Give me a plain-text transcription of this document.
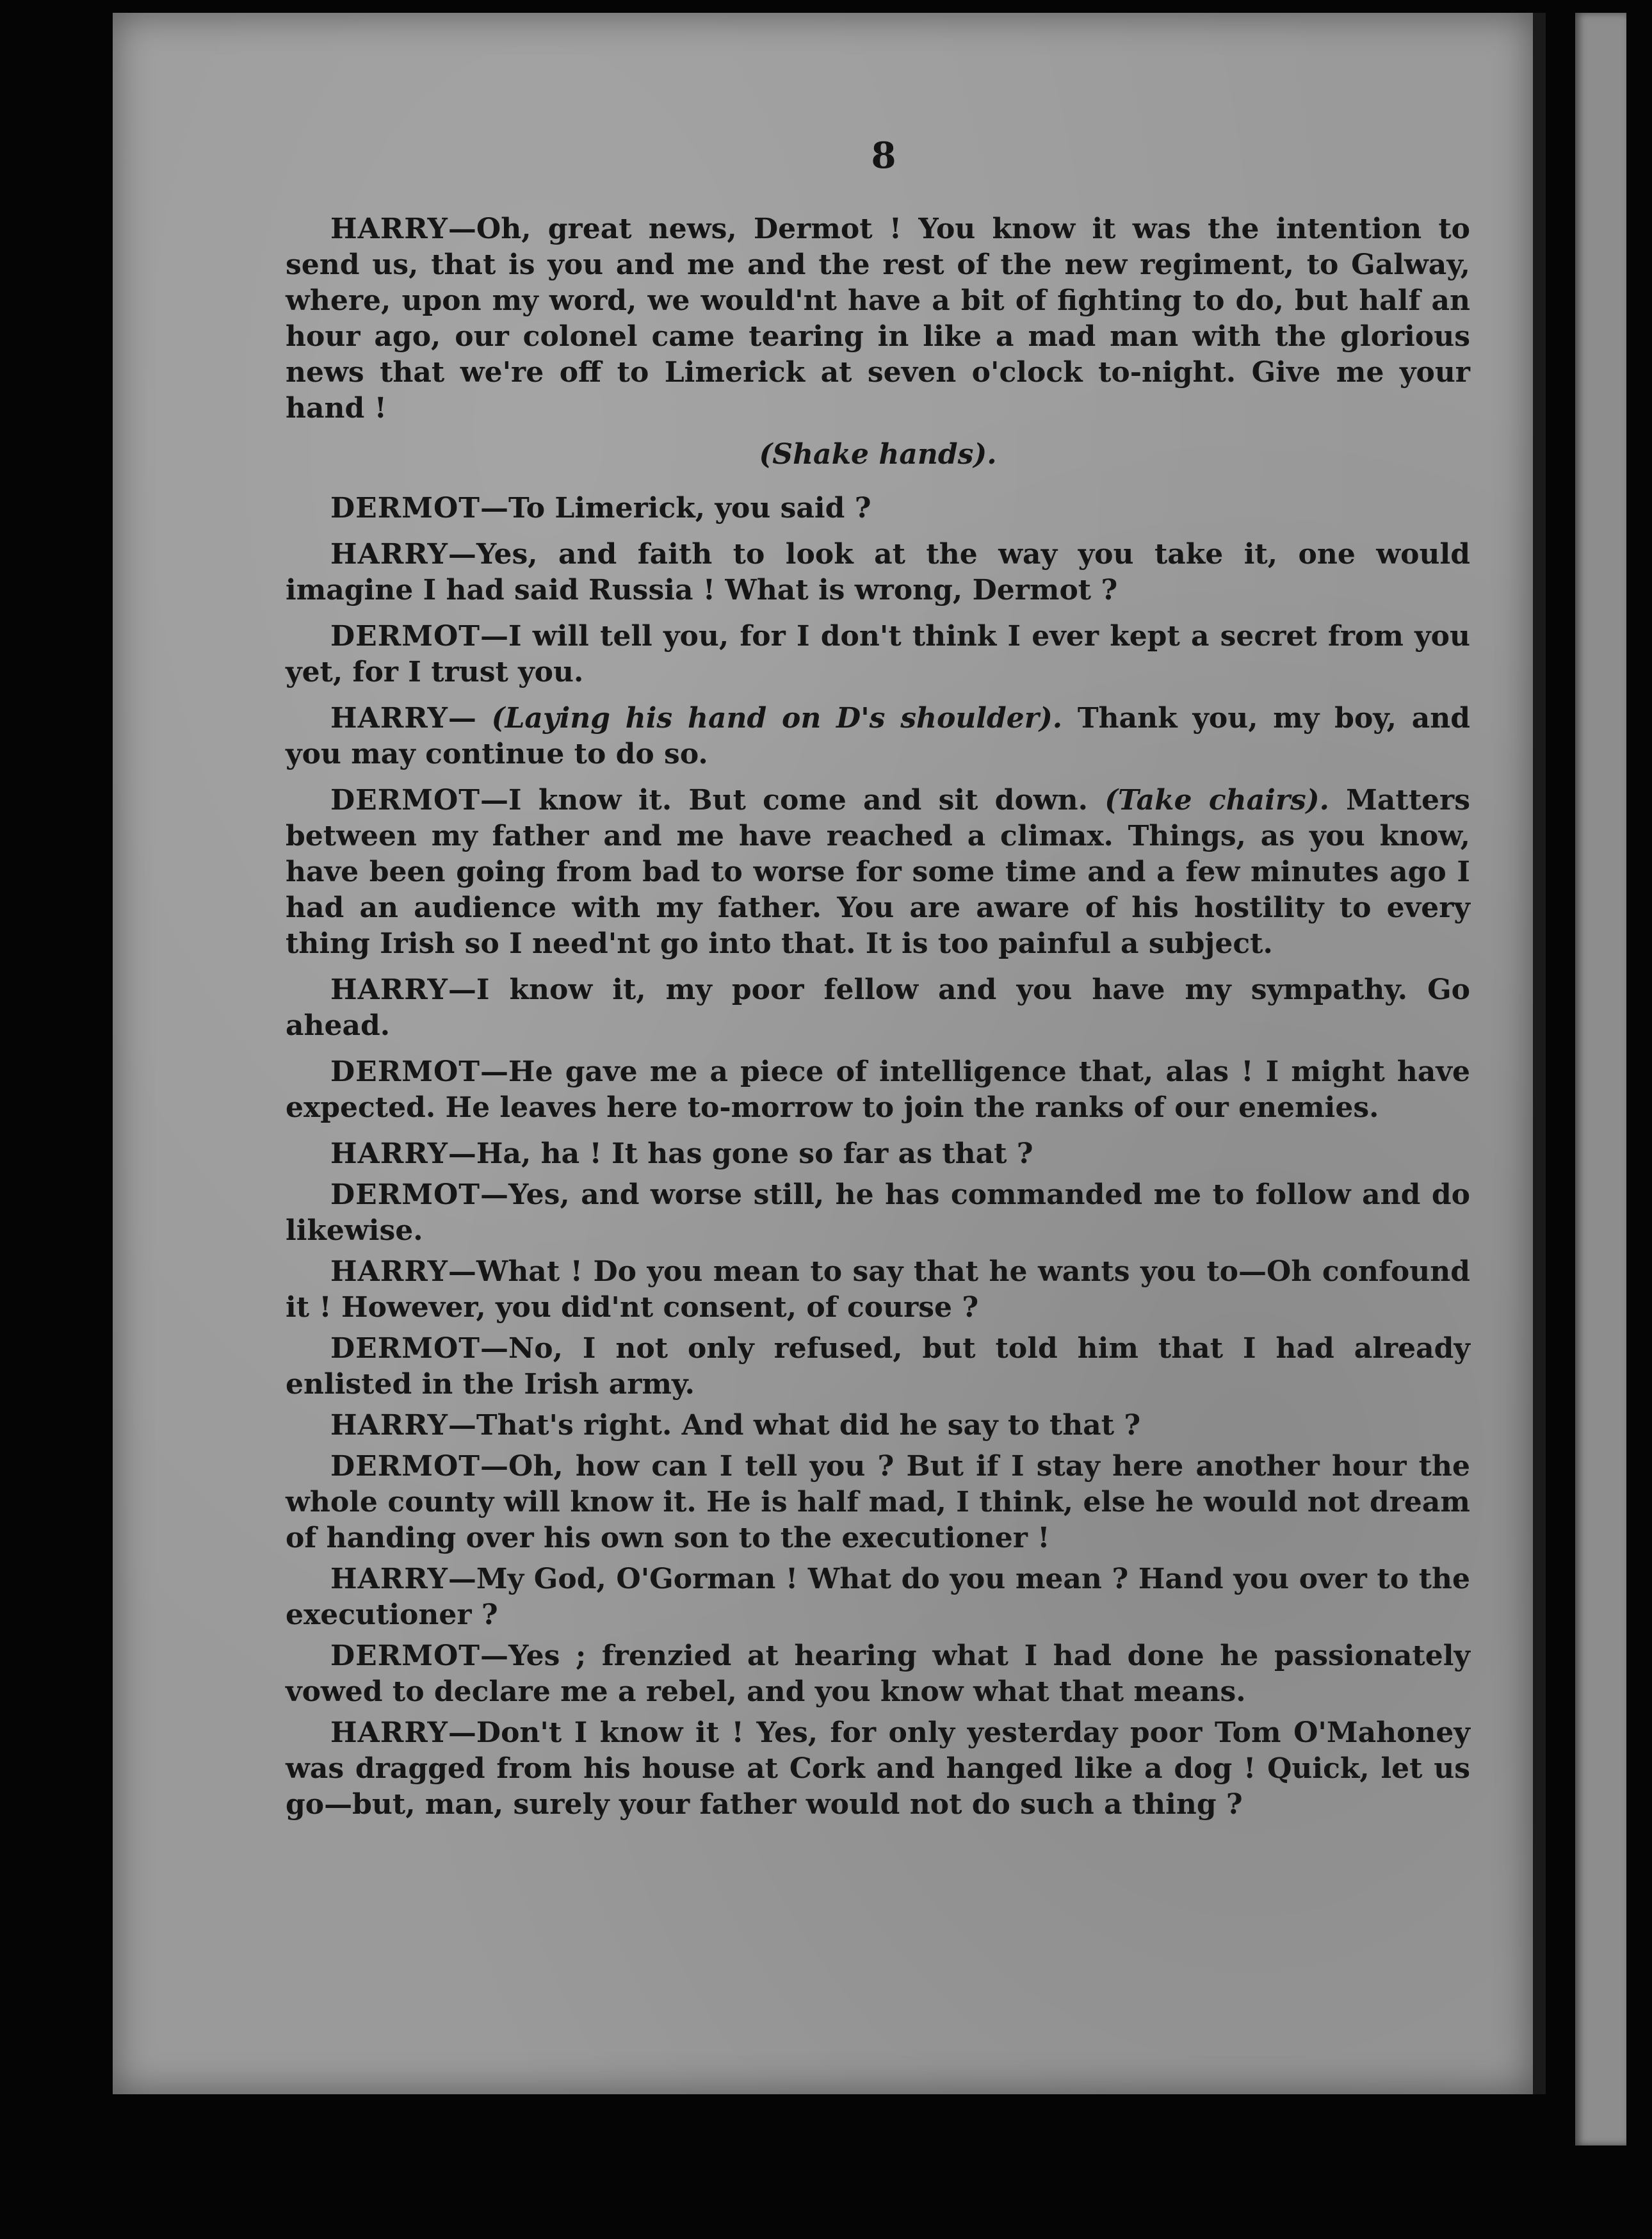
8

HARRY—Oh, great news, Dermot ! You know it was the intention to send us, that is you and me and the rest of the new regiment, to Galway, where, upon my word, we would'nt have a bit of fighting to do, but half an hour ago, our colonel came tearing in like a mad man with the glorious news that we're off to Limerick at seven o'clock to-night. Give me your hand !

(Shake hands).

DERMOT—To Limerick, you said ?

HARRY—Yes, and faith to look at the way you take it, one would imagine I had said Russia ! What is wrong, Dermot ?

DERMOT—I will tell you, for I don't think I ever kept a secret from you yet, for I trust you.

HARRY— (Laying his hand on D's shoulder). Thank you, my boy, and you may continue to do so.

DERMOT—I know it. But come and sit down. (Take chairs). Matters between my father and me have reached a climax. Things, as you know, have been going from bad to worse for some time and a few minutes ago I had an audience with my father. You are aware of his hostility to every thing Irish so I need'nt go into that. It is too painful a subject.

HARRY—I know it, my poor fellow and you have my sympathy. Go ahead.

DERMOT—He gave me a piece of intelligence that, alas ! I might have expected. He leaves here to-morrow to join the ranks of our enemies.

HARRY—Ha, ha ! It has gone so far as that ?

DERMOT—Yes, and worse still, he has commanded me to follow and do likewise.

HARRY—What ! Do you mean to say that he wants you to—Oh confound it ! However, you did'nt consent, of course ?

DERMOT—No, I not only refused, but told him that I had already enlisted in the Irish army.

HARRY—That's right. And what did he say to that ?

DERMOT—Oh, how can I tell you ? But if I stay here another hour the whole county will know it. He is half mad, I think, else he would not dream of handing over his own son to the executioner !

HARRY—My God, O'Gorman ! What do you mean ? Hand you over to the executioner ?

DERMOT—Yes ; frenzied at hearing what I had done he passionately vowed to declare me a rebel, and you know what that means.

HARRY—Don't I know it ! Yes, for only yesterday poor Tom O'Mahoney was dragged from his house at Cork and hanged like a dog ! Quick, let us go—but, man, surely your father would not do such a thing ?
